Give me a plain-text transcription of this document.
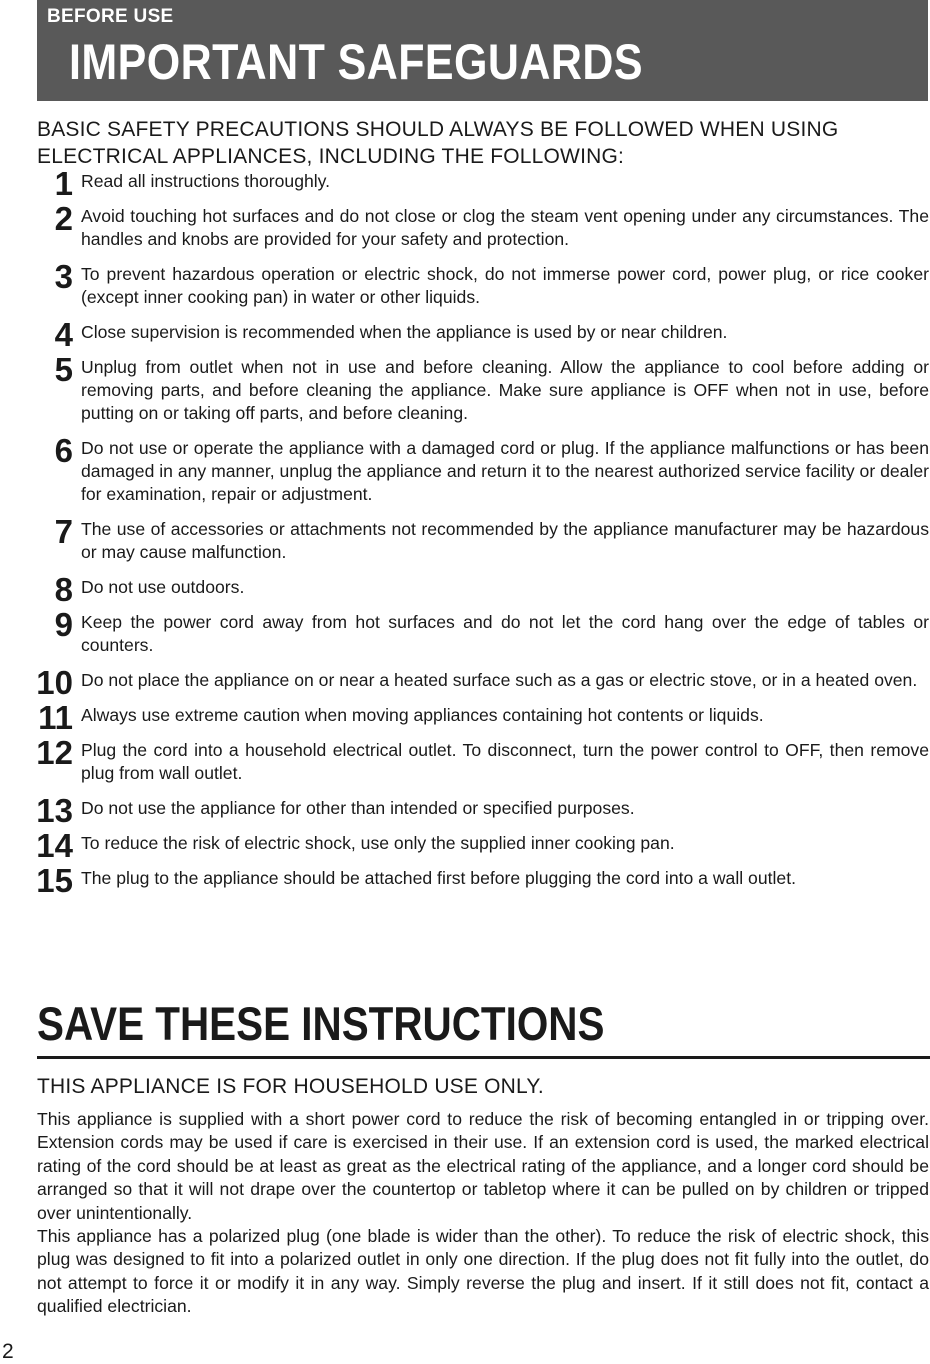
BEFORE USE
IMPORTANT SAFEGUARDS
BASIC SAFETY PRECAUTIONS SHOULD ALWAYS BE FOLLOWED WHEN USING ELECTRICAL APPLIANCES, INCLUDING THE FOLLOWING:
1 Read all instructions thoroughly.
2 Avoid touching hot surfaces and do not close or clog the steam vent opening under any circumstances. The handles and knobs are provided for your safety and protection.
3 To prevent hazardous operation or electric shock, do not immerse power cord, power plug, or rice cooker (except inner cooking pan) in water or other liquids.
4 Close supervision is recommended when the appliance is used by or near children.
5 Unplug from outlet when not in use and before cleaning. Allow the appliance to cool before adding or removing parts, and before cleaning the appliance. Make sure appliance is OFF when not in use, before putting on or taking off parts, and before cleaning.
6 Do not use or operate the appliance with a damaged cord or plug. If the appliance malfunctions or has been damaged in any manner, unplug the appliance and return it to the nearest authorized service facility or dealer for examination, repair or adjustment.
7 The use of accessories or attachments not recommended by the appliance manufacturer may be hazardous or may cause malfunction.
8 Do not use outdoors.
9 Keep the power cord away from hot surfaces and do not let the cord hang over the edge of tables or counters.
10 Do not place the appliance on or near a heated surface such as a gas or electric stove, or in a heated oven.
11 Always use extreme caution when moving appliances containing hot contents or liquids.
12 Plug the cord into a household electrical outlet. To disconnect, turn the power control to OFF, then remove plug from wall outlet.
13 Do not use the appliance for other than intended or specified purposes.
14 To reduce the risk of electric shock, use only the supplied inner cooking pan.
15 The plug to the appliance should be attached first before plugging the cord into a wall outlet.
SAVE THESE INSTRUCTIONS
THIS APPLIANCE IS FOR HOUSEHOLD USE ONLY.

This appliance is supplied with a short power cord to reduce the risk of becoming entangled in or tripping over. Extension cords may be used if care is exercised in their use. If an extension cord is used, the marked electrical rating of the cord should be at least as great as the electrical rating of the appliance, and a longer cord should be arranged so that it will not drape over the countertop or tabletop where it can be pulled on by children or tripped over unintentionally.

This appliance has a polarized plug (one blade is wider than the other). To reduce the risk of electric shock, this plug was designed to fit into a polarized outlet in only one direction. If the plug does not fit fully into the outlet, do not attempt to force it or modify it in any way. Simply reverse the plug and insert. If it still does not fit, contact a qualified electrician.

2
